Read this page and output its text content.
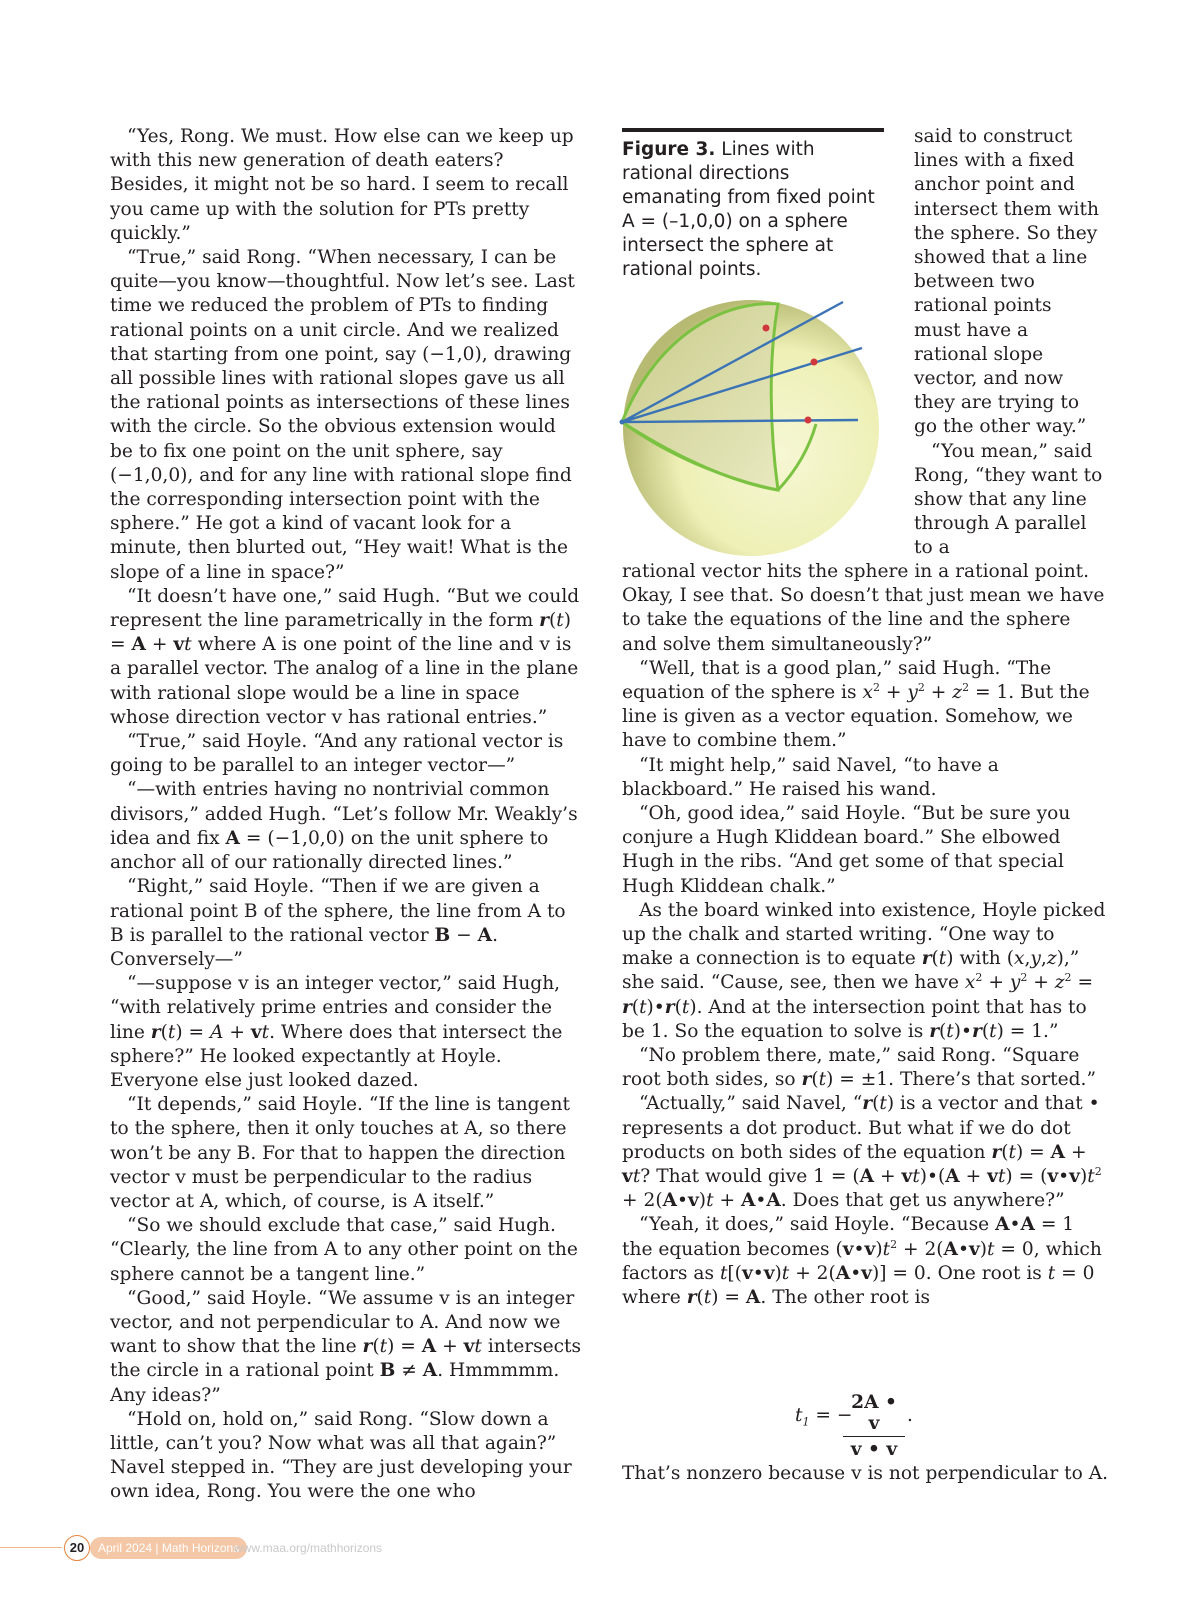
“Yes, Rong. We must. How else can we keep up with this new generation of death eaters? Besides, it might not be so hard. I seem to recall you came up with the solution for PTs pretty quickly.”

“True,” said Rong. “When necessary, I can be quite—you know—thoughtful. Now let’s see. Last time we reduced the problem of PTs to finding rational points on a unit circle. And we realized that starting from one point, say (−1,0), drawing all possible lines with rational slopes gave us all the rational points as intersections of these lines with the circle. So the obvious extension would be to fix one point on the unit sphere, say (−1,0,0), and for any line with rational slope find the corresponding intersection point with the sphere.” He got a kind of vacant look for a minute, then blurted out, “Hey wait! What is the slope of a line in space?”

“It doesn’t have one,” said Hugh. “But we could represent the line parametrically in the form r(t) = A + vt where A is one point of the line and v is a parallel vector. The analog of a line in the plane with rational slope would be a line in space whose direction vector v has rational entries.”

“True,” said Hoyle. “And any rational vector is going to be parallel to an integer vector—”

“—with entries having no nontrivial common divisors,” added Hugh. “Let’s follow Mr. Weakly’s idea and fix A = (−1,0,0) on the unit sphere to anchor all of our rationally directed lines.”

“Right,” said Hoyle. “Then if we are given a rational point B of the sphere, the line from A to B is parallel to the rational vector B − A. Conversely—”

“—suppose v is an integer vector,” said Hugh, “with relatively prime entries and consider the line r(t) = A + vt. Where does that intersect the sphere?” He looked expectantly at Hoyle. Everyone else just looked dazed.

“It depends,” said Hoyle. “If the line is tangent to the sphere, then it only touches at A, so there won’t be any B. For that to happen the direction vector v must be perpendicular to the radius vector at A, which, of course, is A itself.”

“So we should exclude that case,” said Hugh. “Clearly, the line from A to any other point on the sphere cannot be a tangent line.”

“Good,” said Hoyle. “We assume v is an integer vector, and not perpendicular to A. And now we want to show that the line r(t) = A + vt intersects the circle in a rational point B ≠ A. Hmmmmm. Any ideas?”

“Hold on, hold on,” said Rong. “Slow down a little, can’t you? Now what was all that again?” Navel stepped in. “They are just developing your own idea, Rong. You were the one who

Figure 3. Lines with rational directions emanating from fixed point A = (–1,0,0) on a sphere intersect the sphere at rational points.

said to construct lines with a fixed anchor point and intersect them with the sphere. So they showed that a line between two rational points must have a rational slope vector, and now they are trying to go the other way.”

“You mean,” said Rong, “they want to show that any line through A parallel to a

rational vector hits the sphere in a rational point. Okay, I see that. So doesn’t that just mean we have to take the equations of the line and the sphere and solve them simultaneously?”

“Well, that is a good plan,” said Hugh. “The equation of the sphere is $x^2 + y^2 + z^2 = 1$. But the line is given as a vector equation. Somehow, we have to combine them.”

“It might help,” said Navel, “to have a blackboard.” He raised his wand.

“Oh, good idea,” said Hoyle. “But be sure you conjure a Hugh Kliddean board.” She elbowed Hugh in the ribs. “And get some of that special Hugh Kliddean chalk.”

As the board winked into existence, Hoyle picked up the chalk and started writing. “One way to make a connection is to equate r(t) with (x,y,z),” she said. “Cause, see, then we have $x^2 + y^2 + z^2$ = r(t)•r(t). And at the intersection point that has to be 1. So the equation to solve is r(t)•r(t) = 1.”

“No problem there, mate,” said Rong. “Square root both sides, so r(t) = ±1. There’s that sorted.”

“Actually,” said Navel, “r(t) is a vector and that • represents a dot product. But what if we do dot products on both sides of the equation r(t) = A + vt? That would give 1 = (A + vt)•(A + $vt) = (v•v)t^2$ + 2(A•v)t + A•A. Does that get us anywhere?”

“Yeah, it does,” said Hoyle. “Because A•A = 1 the equation becomes $(v•v)t^2$ + 2(A•v)t = 0, which factors as t[(v•v)t + 2(A•v)] = 0. One root is t = 0 where r(t) = A. The other root is

$t_1$ = −
$\frac{2A • v}{v • v}$ .
That’s nonzero because v is not perpendicular to A.
20	April 2024 | Math Horizons
www.maa.org/mathhorizons
